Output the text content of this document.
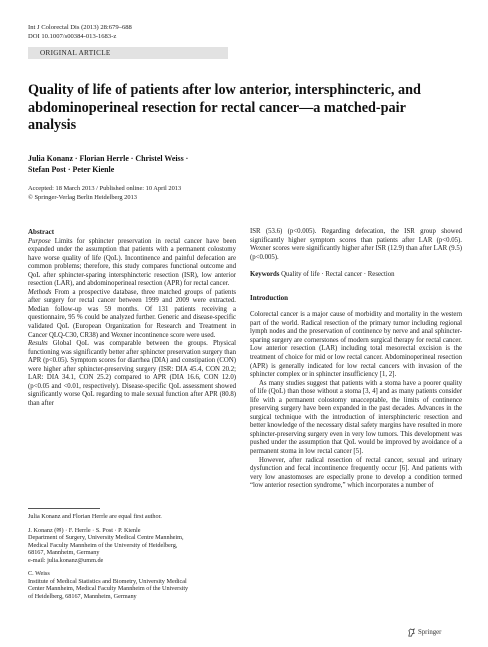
Int J Colorectal Dis (2013) 28:679–688
DOI 10.1007/s00384-013-1683-z
ORIGINAL ARTICLE
Quality of life of patients after low anterior, intersphincteric, and abdominoperineal resection for rectal cancer—a matched-pair analysis
Julia Konanz · Florian Herrle · Christel Weiss ·
Stefan Post · Peter Kienle
Accepted: 18 March 2013 / Published online: 10 April 2013
© Springer-Verlag Berlin Heidelberg 2013
Abstract

Purpose Limits for sphincter preservation in rectal cancer have been expanded under the assumption that patients with a permanent colostomy have worse quality of life (QoL). Incontinence and painful defecation are common problems; therefore, this study compares functional outcome and QoL after sphincter-sparing intersphincteric resection (ISR), low anterior resection (LAR), and abdominoperineal resection (APR) for rectal cancer.

Methods From a prospective database, three matched groups of patients after surgery for rectal cancer between 1999 and 2009 were extracted. Median follow-up was 59 months. Of 131 patients receiving a questionnaire, 95 % could be analyzed further. Generic and disease-specific validated QoL (European Organization for Research and Treatment in Cancer QLQ-C30, CR38) and Wexner incontinence score were used.

Results Global QoL was comparable between the groups. Physical functioning was significantly better after sphincter preservation surgery than APR (p<0.05). Symptom scores for diarrhea (DIA) and constipation (CON) were higher after sphincter-preserving surgery (ISR: DIA 45.4, CON 20.2; LAR: DIA 34.1, CON 25.2) compared to APR (DIA 16.6, CON 12.0) (p<0.05 and <0.01, respectively). Disease-specific QoL assessment showed significantly worse QoL regarding to male sexual function after APR (80.8) than after

Julia Konanz and Florian Herrle are equal first author.
J. Konanz (✉) · F. Herrle · S. Post · P. Kienle
Department of Surgery, University Medical Centre Mannheim,
Medical Faculty Mannheim of the University of Heidelberg,
68167, Mannheim, Germany
e-mail: julia.konanz@umm.de
C. Weiss
Institute of Medical Statistics and Biometry, University Medical
Center Mannheim, Medical Faculty Mannheim of the University
of Heidelberg, 68167, Mannheim, Germany

ISR (53.6) (p<0.005). Regarding defecation, the ISR group showed significantly higher symptom scores than patients after LAR (p<0.05). Wexner scores were significantly higher after ISR (12.9) than after LAR (9.5) (p<0.005).

Keywords Quality of life · Rectal cancer · Resection

Introduction

Colorectal cancer is a major cause of morbidity and mortality in the western part of the world. Radical resection of the primary tumor including regional lymph nodes and the preservation of continence by nerve and anal sphincter-sparing surgery are cornerstones of modern surgical therapy for rectal cancer. Low anterior resection (LAR) including total mesorectal excision is the treatment of choice for mid or low rectal cancer. Abdominoperineal resection (APR) is generally indicated for low rectal cancers with invasion of the sphincter complex or in sphincter insufficiency [1, 2].

As many studies suggest that patients with a stoma have a poorer quality of life (QoL) than those without a stoma [3, 4] and as many patients consider life with a permanent colostomy unacceptable, the limits of continence preserving surgery have been expanded in the past decades. Advances in the surgical technique with the introduction of intersphincteric resection and better knowledge of the necessary distal safety margins have resulted in more sphincter-preserving surgery even in very low tumors. This development was pushed under the assumption that QoL would be improved by avoidance of a permanent stoma in low rectal cancer [5].

However, after radical resection of rectal cancer, sexual and urinary dysfunction and fecal incontinence frequently occur [6]. And patients with very low anastomoses are especially prone to develop a condition termed “low anterior resection syndrome,” which incorporates a number of

Springer
